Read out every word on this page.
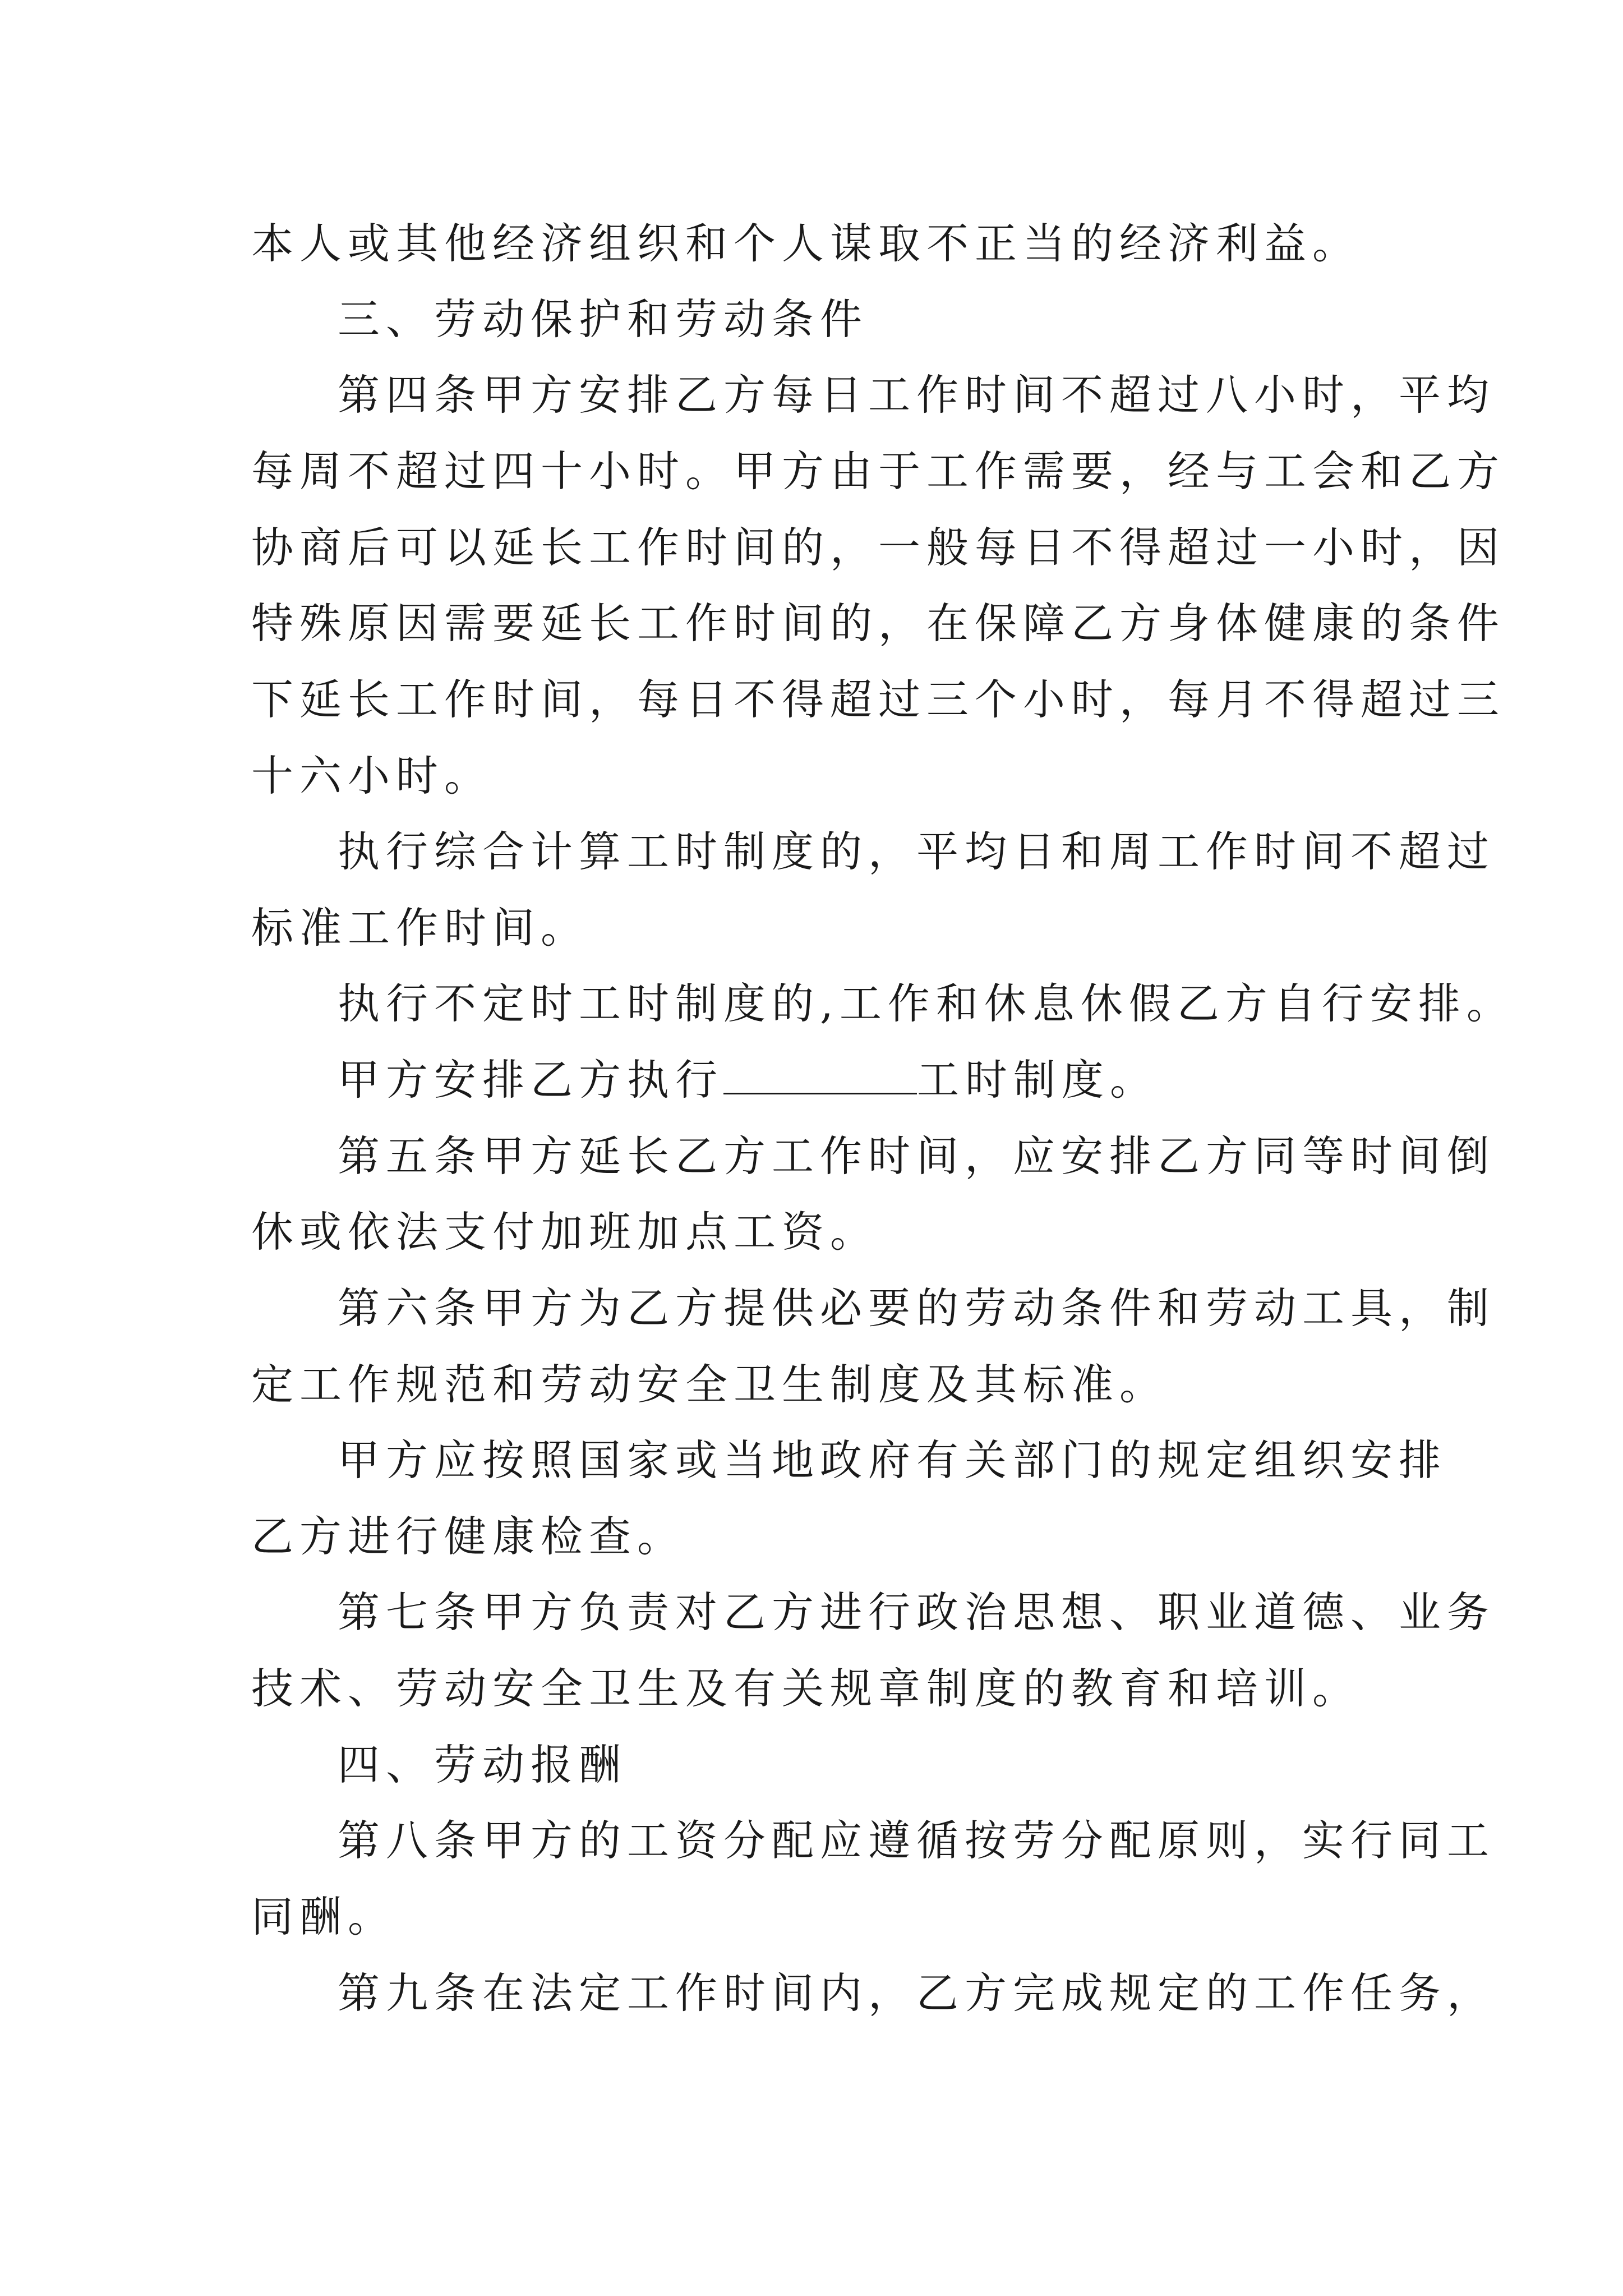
本人或其他经济组织和个人谋取不正当的经济利益。
三、劳动保护和劳动条件
第四条甲方安排乙方每日工作时间不超过八小时，平均
每周不超过四十小时。甲方由于工作需要，经与工会和乙方
协商后可以延长工作时间的，一般每日不得超过一小时，因
特殊原因需要延长工作时间的，在保障乙方身体健康的条件
下延长工作时间，每日不得超过三个小时，每月不得超过三
十六小时。
执行综合计算工时制度的，平均日和周工作时间不超过
标准工作时间。
执行不定时工时制度的,工作和休息休假乙方自行安排。
甲方安排乙方执行	工时制度。
第五条甲方延长乙方工作时间，应安排乙方同等时间倒
休或依法支付加班加点工资。
第六条甲方为乙方提供必要的劳动条件和劳动工具，制
定工作规范和劳动安全卫生制度及其标准。
甲方应按照国家或当地政府有关部门的规定组织安排
乙方进行健康检查。
第七条甲方负责对乙方进行政治思想、职业道德、业务
技术、劳动安全卫生及有关规章制度的教育和培训。
四、劳动报酬
第八条甲方的工资分配应遵循按劳分配原则，实行同工
同酬。
第九条在法定工作时间内，乙方完成规定的工作任务，
